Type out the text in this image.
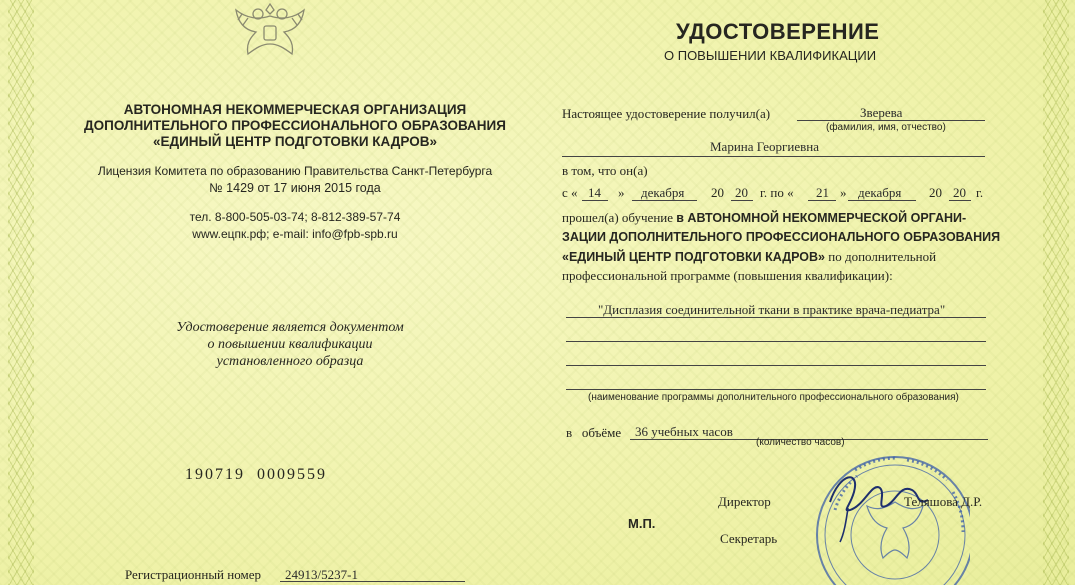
АВТОНОМНАЯ НЕКОММЕРЧЕСКАЯ ОРГАНИЗАЦИЯ
ДОПОЛНИТЕЛЬНОГО ПРОФЕССИОНАЛЬНОГО ОБРАЗОВАНИЯ
«ЕДИНЫЙ ЦЕНТР ПОДГОТОВКИ КАДРОВ»
Лицензия Комитета по образованию Правительства Санкт-Петербурга
№ 1429 от 17 июня 2015 года
тел. 8-800-505-03-74; 8-812-389-57-74
www.ецпк.рф; e-mail: info@fpb-spb.ru
Удостоверение является документом
о повышении квалификации
установленного образца
190719  0009559
Регистрационный номер 24913/5237-1
УДОСТОВЕРЕНИЕ
О ПОВЫШЕНИИ КВАЛИФИКАЦИИ
Настоящее удостоверение получил(а)	Зверева
(фамилия, имя, отчество)
Марина Георгиевна
в том, что он(а)
с « 14 » декабря 20 20 г. по « 21 » декабря 20 20 г.
прошел(а) обучение в АВТОНОМНОЙ НЕКОММЕРЧЕСКОЙ ОРГАНИ-
ЗАЦИИ ДОПОЛНИТЕЛЬНОГО ПРОФЕССИОНАЛЬНОГО ОБРАЗОВАНИЯ
«ЕДИНЫЙ ЦЕНТР ПОДГОТОВКИ КАДРОВ» по дополнительной
профессиональной программе (повышения квалификации):
"Дисплазия соединительной ткани в практике врача-педиатра"
(наименование программы дополнительного профессионального образования)
в   объёме 36 учебных часов
(количество часов)
Директор	Теляшова Д.Р.
М.П.
Секретарь
